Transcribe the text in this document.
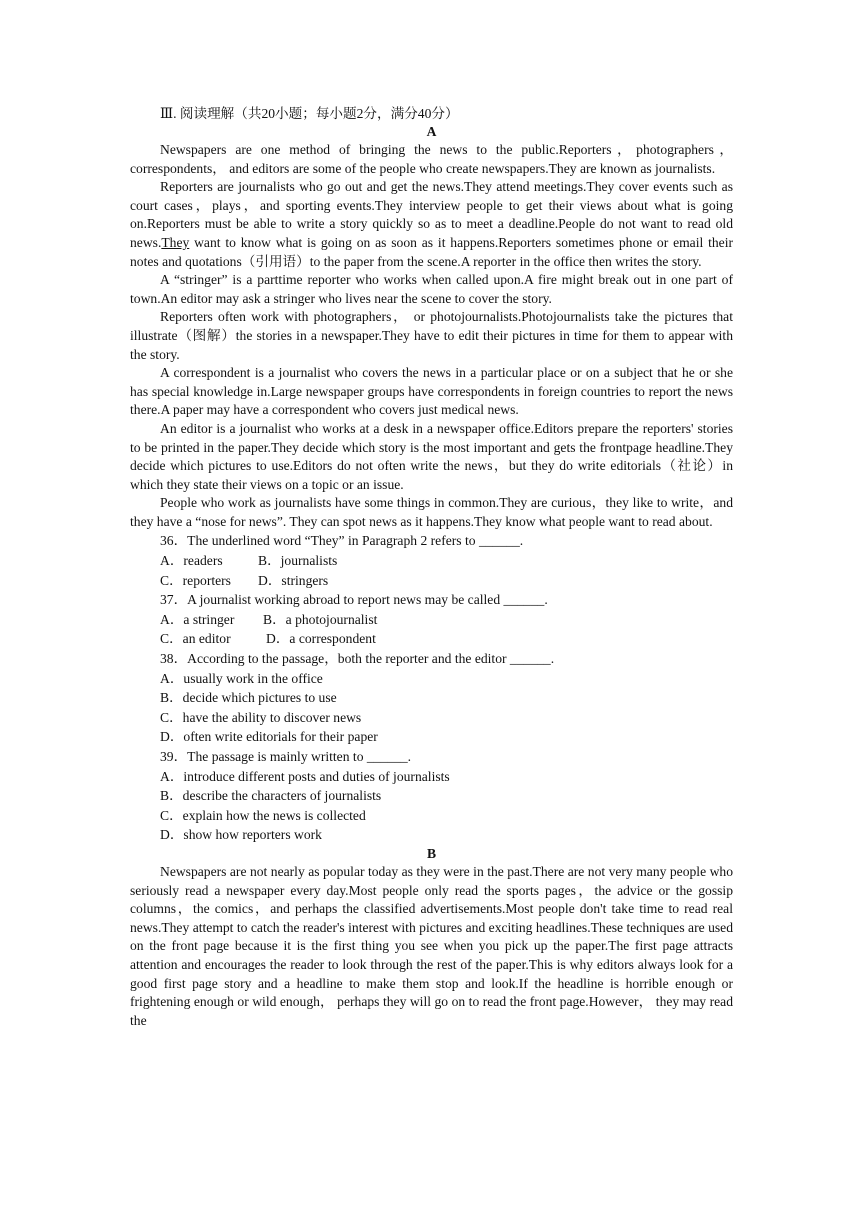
Ⅲ. 阅读理解（共20小题；每小题2分，满分40分）
A

Newspapers are one method of bringing the news to the public.Reporters，photographers，correspondents， and editors are some of the people who create newspapers.They are known as journalists.

Reporters are journalists who go out and get the news.They attend meetings.They cover events such as court cases，plays，and sporting events.They interview people to get their views about what is going on.Reporters must be able to write a story quickly so as to meet a deadline.People do not want to read old news.They want to know what is going on as soon as it happens.Reporters sometimes phone or email their notes and quotations（引用语）to the paper from the scene.A reporter in the office then writes the story.

A “stringer” is a parttime reporter who works when called upon.A fire might break out in one part of town.An editor may ask a stringer who lives near the scene to cover the story.

Reporters often work with photographers， or photojournalists.Photojournalists take the pictures that illustrate（图解）the stories in a newspaper.They have to edit their pictures in time for them to appear with the story.

A correspondent is a journalist who covers the news in a particular place or on a subject that he or she has special knowledge in.Large newspaper groups have correspondents in foreign countries to report the news there.A paper may have a correspondent who covers just medical news.

An editor is a journalist who works at a desk in a newspaper office.Editors prepare the reporters' stories to be printed in the paper.They decide which story is the most important and gets the frontpage headline.They decide which pictures to use.Editors do not often write the news，but they do write editorials（社论）in which they state their views on a topic or an issue.

People who work as journalists have some things in common.They are curious，they like to write，and they have a “nose for news”. They can spot news as it happens.They know what people want to read about.

36．The underlined word “They” in Paragraph 2 refers to ______.
A．readers	B．journalists
C．reporters D．stringers
37．A journalist working abroad to report news may be called ______.
A．a stringer B．a photojournalist
C．an editor	D．a correspondent
38．According to the passage，both the reporter and the editor ______.
A．usually work in the office
B．decide which pictures to use
C．have the ability to discover news
D．often write editorials for their paper
39．The passage is mainly written to ______.
A．introduce different posts and duties of journalists
B．describe the characters of journalists
C．explain how the news is collected
D．show how reporters work
B

Newspapers are not nearly as popular today as they were in the past.There are not very many people who seriously read a newspaper every day.Most people only read the sports pages，the advice or the gossip columns，the comics，and perhaps the classified advertisements.Most people don't take time to read real news.They attempt to catch the reader's interest with pictures and exciting headlines.These techniques are used on the front page because it is the first thing you see when you pick up the paper.The first page attracts attention and encourages the reader to look through the rest of the paper.This is why editors always look for a good first page story and a headline to make them stop and look.If the headline is horrible enough or frightening enough or wild enough， perhaps they will go on to read the front page.However， they may read the
